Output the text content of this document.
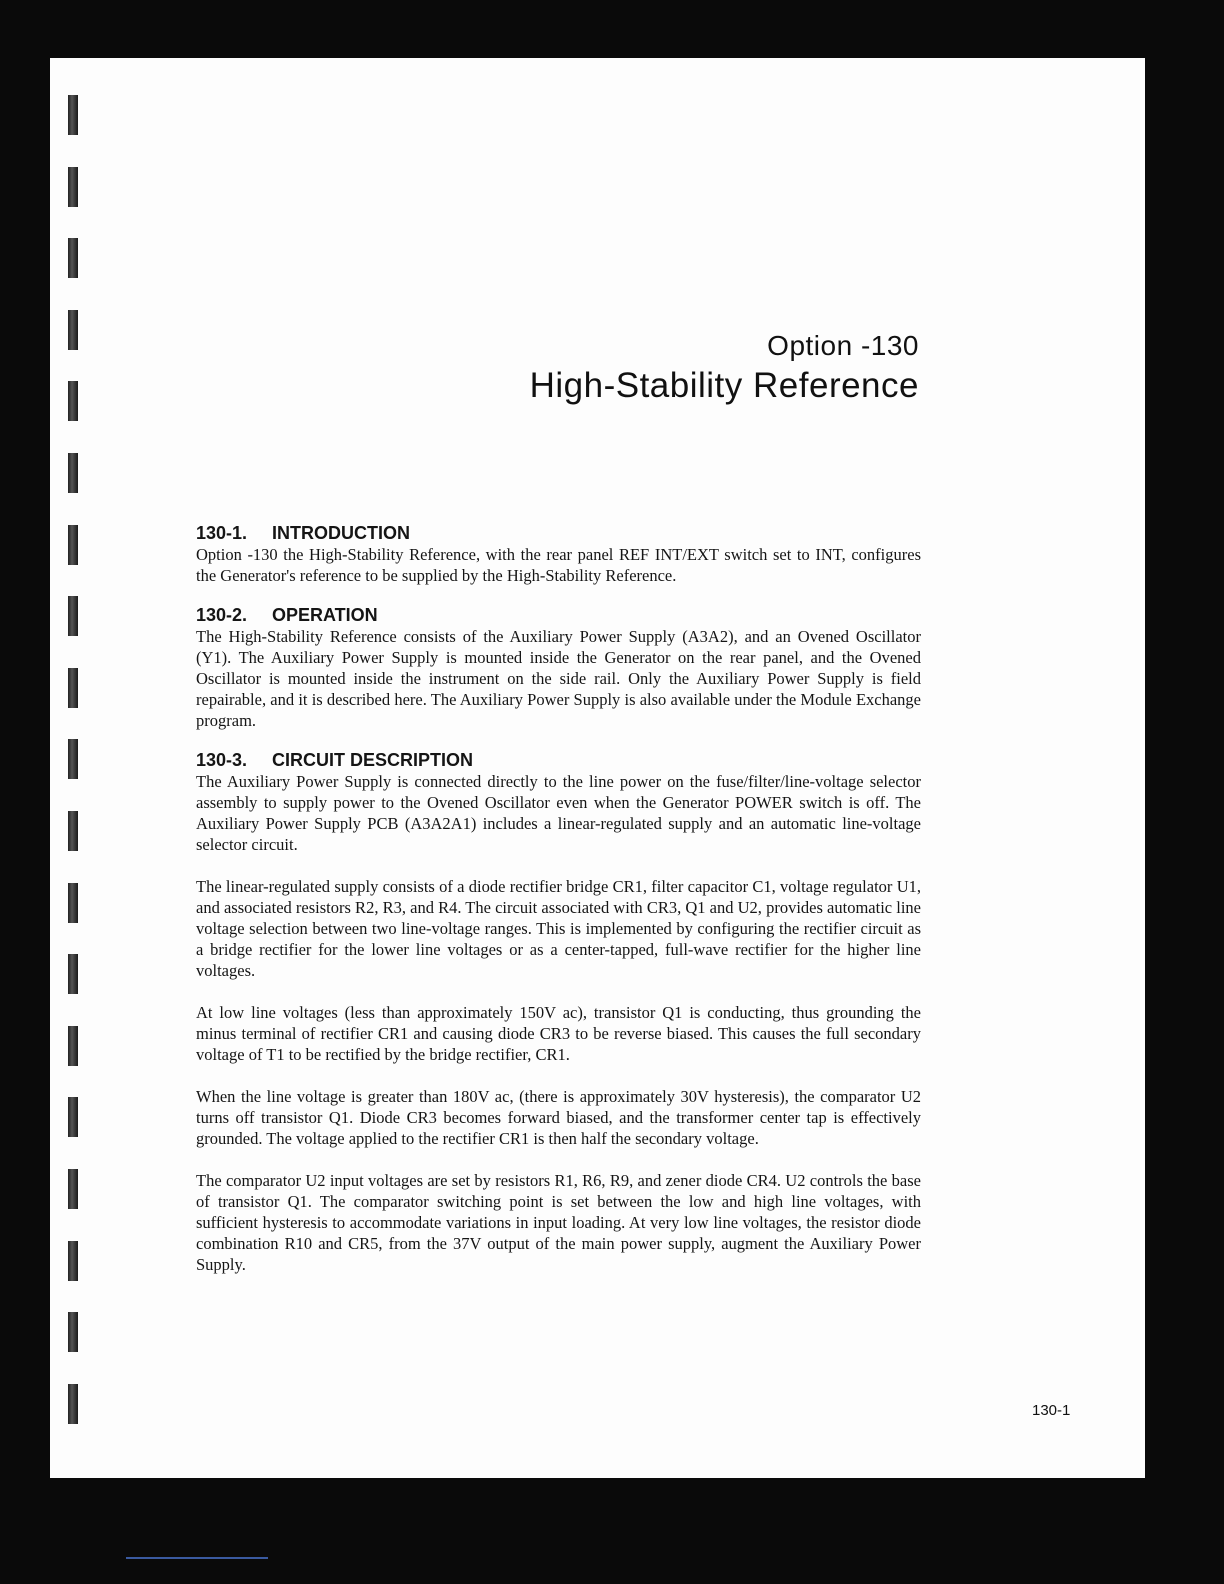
Option -130
High-Stability Reference
130-1. INTRODUCTION

Option -130 the High-Stability Reference, with the rear panel REF INT/EXT switch set to INT, configures the Generator's reference to be supplied by the High-Stability Reference.

130-2. OPERATION

The High-Stability Reference consists of the Auxiliary Power Supply (A3A2), and an Ovened Oscillator (Y1). The Auxiliary Power Supply is mounted inside the Generator on the rear panel, and the Ovened Oscillator is mounted inside the instrument on the side rail. Only the Auxiliary Power Supply is field repairable, and it is described here. The Auxiliary Power Supply is also available under the Module Exchange program.

130-3. CIRCUIT DESCRIPTION

The Auxiliary Power Supply is connected directly to the line power on the fuse/filter/line-voltage selector assembly to supply power to the Ovened Oscillator even when the Generator POWER switch is off. The Auxiliary Power Supply PCB (A3A2A1) includes a linear-regulated supply and an automatic line-voltage selector circuit.

The linear-regulated supply consists of a diode rectifier bridge CR1, filter capacitor C1, voltage regulator U1, and associated resistors R2, R3, and R4. The circuit associated with CR3, Q1 and U2, provides automatic line voltage selection between two line-voltage ranges. This is implemented by configuring the rectifier circuit as a bridge rectifier for the lower line voltages or as a center-tapped, full-wave rectifier for the higher line voltages.

At low line voltages (less than approximately 150V ac), transistor Q1 is conducting, thus grounding the minus terminal of rectifier CR1 and causing diode CR3 to be reverse biased. This causes the full secondary voltage of T1 to be rectified by the bridge rectifier, CR1.

When the line voltage is greater than 180V ac, (there is approximately 30V hysteresis), the comparator U2 turns off transistor Q1. Diode CR3 becomes forward biased, and the transformer center tap is effectively grounded. The voltage applied to the rectifier CR1 is then half the secondary voltage.

The comparator U2 input voltages are set by resistors R1, R6, R9, and zener diode CR4. U2 controls the base of transistor Q1. The comparator switching point is set between the low and high line voltages, with sufficient hysteresis to accommodate variations in input loading. At very low line voltages, the resistor diode combination R10 and CR5, from the 37V output of the main power supply, augment the Auxiliary Power Supply.

130-1
